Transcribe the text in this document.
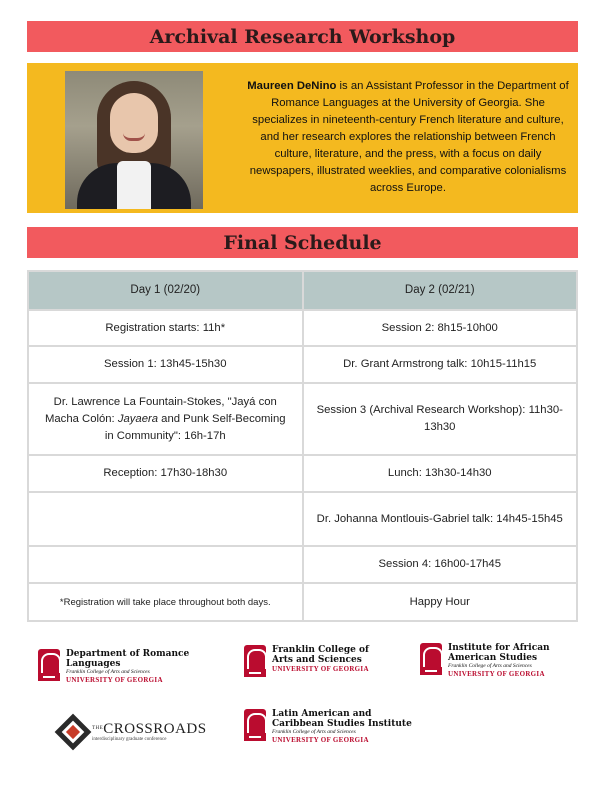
Archival Research Workshop

Maureen DeNino is an Assistant Professor in the Department of Romance Languages at the University of Georgia. She specializes in nineteenth-century French literature and culture, and her research explores the relationship between French culture, literature, and the press, with a focus on daily newspapers, illustrated weeklies, and comparative colonialisms across Europe.

Final Schedule
Day 1 (02/20)	Day 2 (02/21)
Registration starts: 11h*	Session 2: 8h15-10h00
Session 1: 13h45-15h30	Dr. Grant Armstrong talk: 10h15-11h15
Dr. Lawrence La Fountain-Stokes, "Jayá con Macha Colón: Jayaera and Punk Self-Becoming in Community": 16h-17h	Session 3 (Archival Research Workshop): 11h30-13h30
Reception: 17h30-18h30	Lunch: 13h30-14h30
	Dr. Johanna Montlouis-Gabriel talk: 14h45-15h45
	Session 4: 16h00-17h45
*Registration will take place throughout both days.	Happy Hour
Department of Romance Languages
Franklin College of Arts and Sciences
UNIVERSITY OF GEORGIA
Franklin College of Arts and Sciences
UNIVERSITY OF GEORGIA
Institute for African American Studies
Franklin College of Arts and Sciences
UNIVERSITY OF GEORGIA
$^{THE}$CROSSROADS
interdisciplinary graduate conference
Latin American and Caribbean Studies Institute
Franklin College of Arts and Sciences
UNIVERSITY OF GEORGIA
